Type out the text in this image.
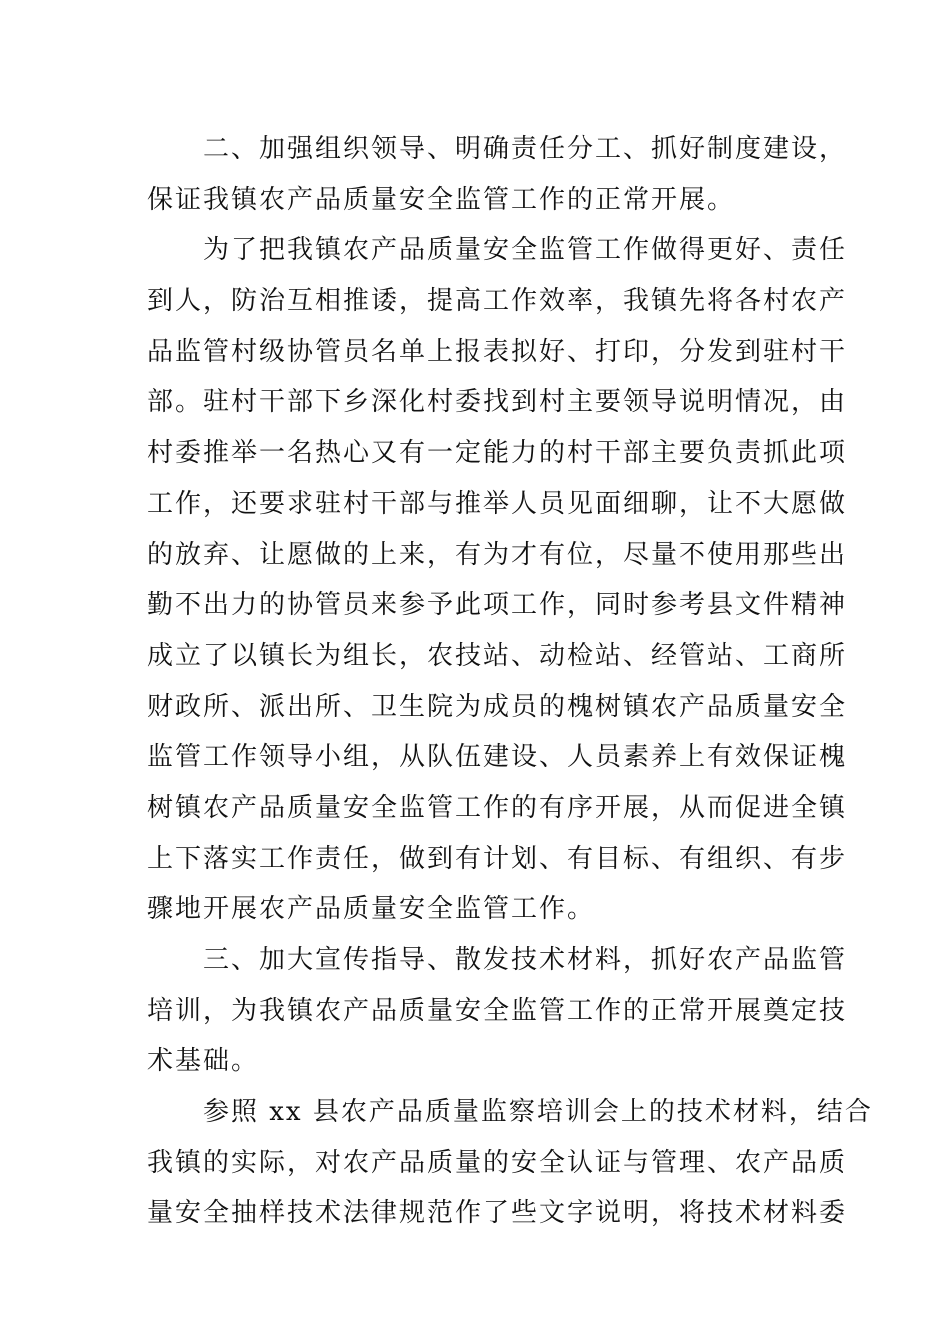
二、加强组织领导、明确责任分工、抓好制度建设，
保证我镇农产品质量安全监管工作的正常开展。
为了把我镇农产品质量安全监管工作做得更好、责任
到人，防治互相推诿，提高工作效率，我镇先将各村农产
品监管村级协管员名单上报表拟好、打印，分发到驻村干
部。驻村干部下乡深化村委找到村主要领导说明情况，由
村委推举一名热心又有一定能力的村干部主要负责抓此项
工作，还要求驻村干部与推举人员见面细聊，让不大愿做
的放弃、让愿做的上来，有为才有位，尽量不使用那些出
勤不出力的协管员来参予此项工作，同时参考县文件精神
成立了以镇长为组长，农技站、动检站、经管站、工商所
财政所、派出所、卫生院为成员的槐树镇农产品质量安全
监管工作领导小组，从队伍建设、人员素养上有效保证槐
树镇农产品质量安全监管工作的有序开展，从而促进全镇
上下落实工作责任，做到有计划、有目标、有组织、有步
骤地开展农产品质量安全监管工作。
三、加大宣传指导、散发技术材料，抓好农产品监管
培训，为我镇农产品质量安全监管工作的正常开展奠定技
术基础。
参照 xx 县农产品质量监察培训会上的技术材料，结合
我镇的实际，对农产品质量的安全认证与管理、农产品质
量安全抽样技术法律规范作了些文字说明，将技术材料委
